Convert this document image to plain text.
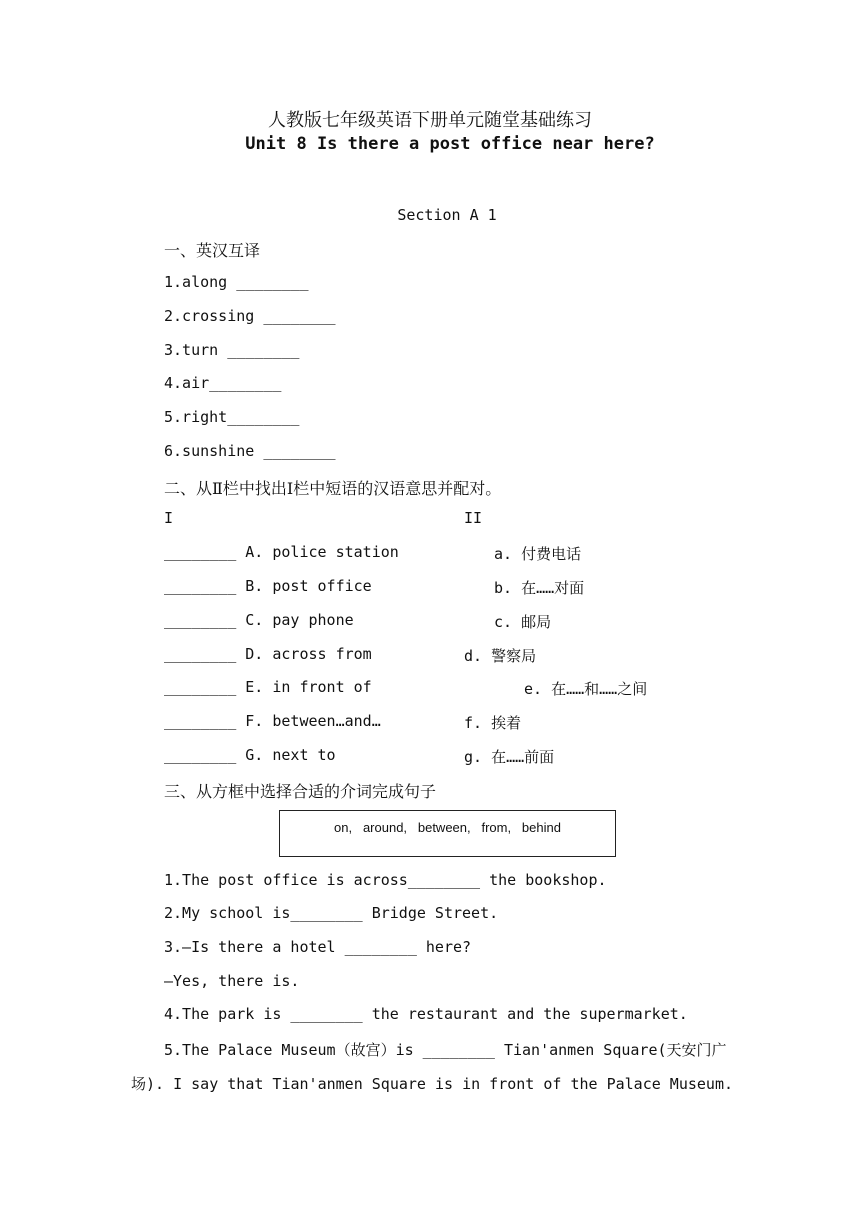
人教版七年级英语下册单元随堂基础练习
Unit 8 Is there a post office near here?
Section A 1
一、英汉互译
1.along ________
2.crossing ________
3.turn ________
4.air________
5.right________
6.sunshine ________
二、从Ⅱ栏中找出Ⅰ栏中短语的汉语意思并配对。
I	II
________ A. police station
________ B. post office
________ C. pay phone
________ D. across from
________ E. in front of
________ F. between…and…
________ G. next to
a. 付费电话
b. 在……对面
c. 邮局
d. 警察局
e. 在……和……之间
f. 挨着
g. 在……前面
三、从方框中选择合适的介词完成句子
on,   around,   between,   from,   behind
1.The post office is across________ the bookshop.
2.My school is________ Bridge Street.
3.—Is there a hotel ________ here?
—Yes, there is.
4.The park is ________ the restaurant and the supermarket.
5.The Palace Museum（故宫）is ________ Tian'anmen Square(天安门广
场). I say that Tian'anmen Square is in front of the Palace Museum.
